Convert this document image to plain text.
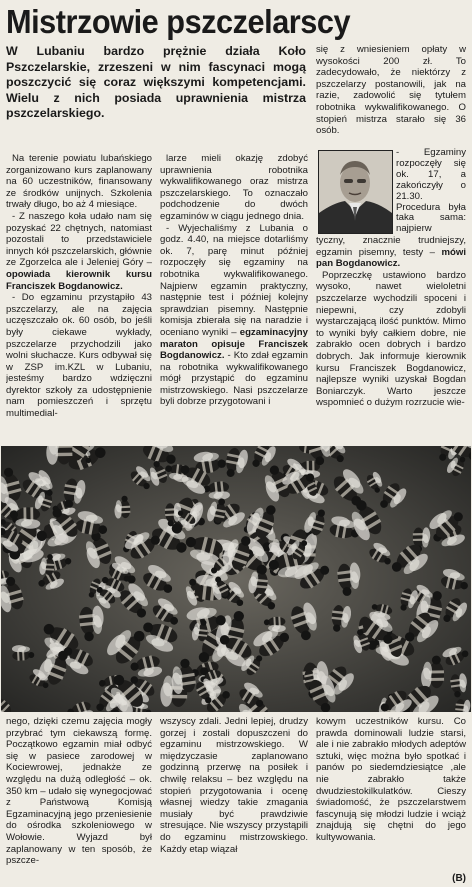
Mistrzowie pszczelarscy
W Lubaniu bardzo prężnie działa Koło Pszczelarskie, zrzeszeni w nim fascynaci mogą poszczycić się coraz większymi kompetencjami. Wielu z nich posiada uprawnienia mistrza pszczelarskiego.

Na terenie powiatu lubańskiego zorganizowano kurs zaplanowany na 60 uczestników, finansowany ze środków unijnych. Szkolenia trwały długo, bo aż 4 miesiące.

- Z naszego koła udało nam się pozyskać 22 chętnych, natomiast pozostali to przedstawiciele innych kół pszczelarskich, głównie ze Zgorzelca ale i Jeleniej Góry – opowiada kierownik kursu Franciszek Bogdanowicz.

- Do egzaminu przystąpiło 43 pszczelarzy, ale na zajęcia uczęszczało ok. 60 osób, bo jeśli były ciekawe wykłady, pszczelarze przychodzili jako wolni słuchacze. Kurs odbywał się w ZSP im.KZL w Lubaniu, jesteśmy bardzo wdzięczni dyrektor szkoły za udostępnienie nam pomieszczeń i sprzętu multimedial-

larze mieli okazję zdobyć uprawnienia robotnika wykwalifikowanego oraz mistrza pszczelarskiego. To oznaczało podchodzenie do dwóch egzaminów w ciągu jednego dnia.

- Wyjechaliśmy z Lubania o godz. 4.40, na miejsce dotarliśmy ok. 7, parę minut później rozpoczęły się egzaminy na robotnika wykwalifikowanego. Najpierw egzamin praktyczny, następnie test i później kolejny sprawdzian pisemny. Następnie komisja zbierała się na naradzie i oceniano wyniki – egzaminacyjny maraton opisuje Franciszek Bogdanowicz. - Kto zdał egzamin na robotnika wykwalifikowanego mógł przystąpić do egzaminu mistrzowskiego. Nasi pszczelarze byli dobrze przygotowani i

się z wniesieniem opłaty w wysokości 200 zł. To zadecydowało, że niektórzy z pszczelarzy postanowili, jak na razie, zadowolić się tytułem robotnika wykwalifikowanego. O stopień mistrza starało się 36 osób.

- Egzaminy rozpoczęły się ok. 17, a zakończyły o 21.30. Procedura była taka sama: najpierw

tyczny, znacznie trudniejszy, egzamin pisemny, testy – mówi pan Bogdanowicz.

Poprzeczkę ustawiono bardzo wysoko, nawet wieloletni pszczelarze wychodzili spoceni i niepewni, czy zdobyli wystarczającą ilość punktów. Mimo to wyniki były całkiem dobre, nie zabrakło ocen dobrych i bardzo dobrych. Jak informuje kierownik kursu Franciszek Bogdanowicz, najlepsze wyniki uzyskał Bogdan Boniarczyk. Warto jeszcze wspomnieć o dużym rozrzucie wie-

nego, dzięki czemu zajęcia mogły przybrać tym ciekawszą formę. Początkowo egzamin miał odbyć się w pasiece zarodowej w Kociewrowej, jednakże ze względu na dużą odległość – ok. 350 km – udało się wynegocjować z Państwową Komisją Egzaminacyjną jego przeniesienie do ośrodka szkoleniowego w Wołowie. Wyjazd był zaplanowany w ten sposób, że pszcze-

wszyscy zdali. Jedni lepiej, drudzy gorzej i zostali dopuszczeni do egzaminu mistrzowskiego. W międzyczasie zaplanowano godzinną przerwę na posiłek i chwilę relaksu – bez względu na stopień przygotowania i ocenę własnej wiedzy takie zmagania musiały być prawdziwie stresujące. Nie wszyscy przystąpili do egzaminu mistrzowskiego. Każdy etap wiązał

kowym uczestników kursu. Co prawda dominowali ludzie starsi, ale i nie zabrakło młodych adeptów sztuki, więc można było spotkać i panów po siedemdziesiątce ,ale nie zabrakło także dwudziestokilkulatków. Cieszy świadomość, że pszczelarstwem fascynują się młodzi ludzie i wciąż znajdują się chętni do jego kultywowania.

(B)
